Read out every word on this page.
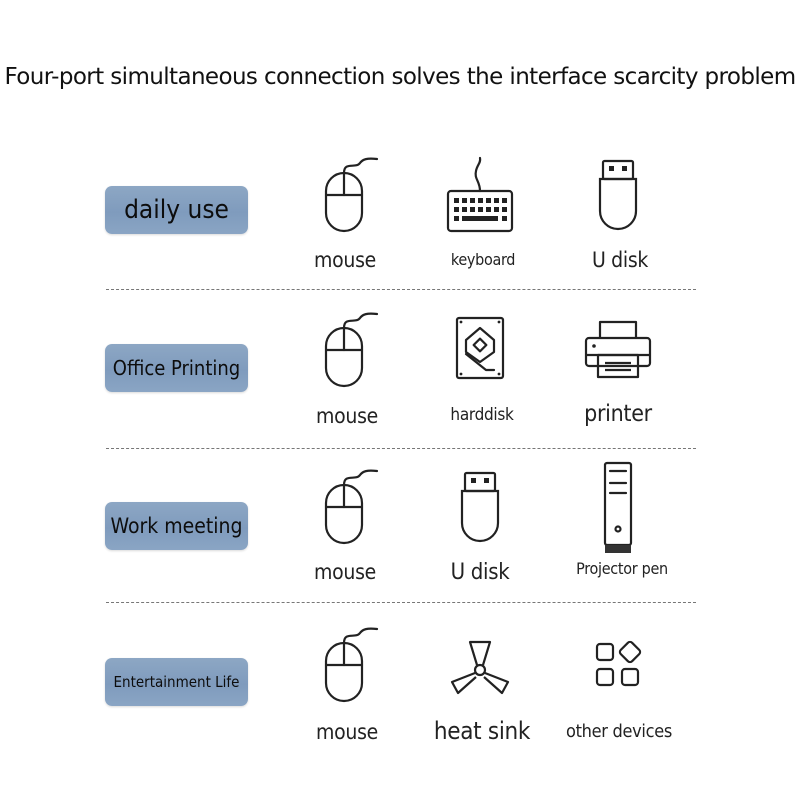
Four-port simultaneous connection solves the interface scarcity problem
daily use
mouse	keyboard	U disk
Office Printing
mouse	harddisk	printer
Work meeting
mouse	U disk	Projector pen
Entertainment Life
mouse	heat sink	other devices
